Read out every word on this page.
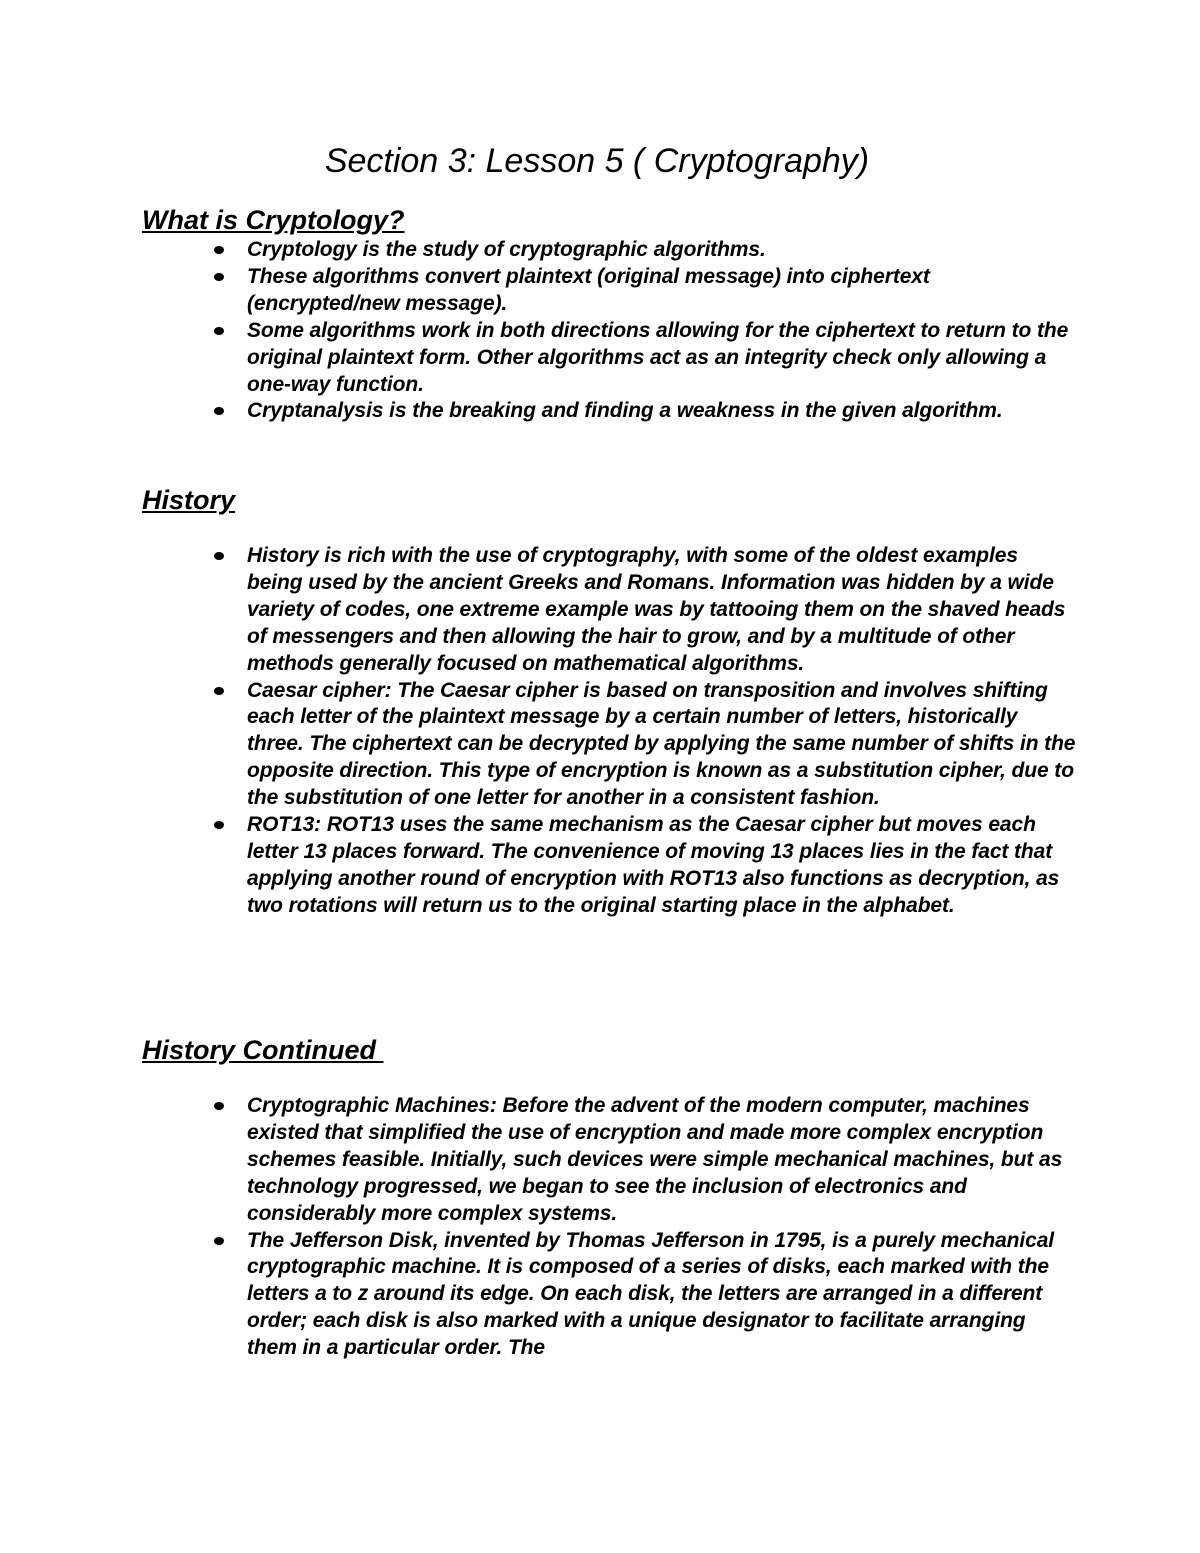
Section 3: Lesson 5 ( Cryptography)
What is Cryptology?
Cryptology is the study of cryptographic algorithms.
These algorithms convert plaintext (original message) into ciphertext (encrypted/new message).
Some algorithms work in both directions allowing for the ciphertext to return to the original plaintext form. Other algorithms act as an integrity check only allowing a one-way function.
Cryptanalysis is the breaking and finding a weakness in the given algorithm.
History
History is rich with the use of cryptography, with some of the oldest examples being used by the ancient Greeks and Romans. Information was hidden by a wide variety of codes, one extreme example was by tattooing them on the shaved heads of messengers and then allowing the hair to grow, and by a multitude of other methods generally focused on mathematical algorithms.
Caesar cipher: The Caesar cipher is based on transposition and involves shifting each letter of the plaintext message by a certain number of letters, historically three. The ciphertext can be decrypted by applying the same number of shifts in the opposite direction. This type of encryption is known as a substitution cipher, due to the substitution of one letter for another in a consistent fashion.
ROT13: ROT13 uses the same mechanism as the Caesar cipher but moves each letter 13 places forward. The convenience of moving 13 places lies in the fact that applying another round of encryption with ROT13 also functions as decryption, as two rotations will return us to the original starting place in the alphabet.
History Continued
Cryptographic Machines: Before the advent of the modern computer, machines existed that simplified the use of encryption and made more complex encryption schemes feasible. Initially, such devices were simple mechanical machines, but as technology progressed, we began to see the inclusion of electronics and considerably more complex systems.
The Jefferson Disk, invented by Thomas Jefferson in 1795, is a purely mechanical cryptographic machine. It is composed of a series of disks, each marked with the letters a to z around its edge. On each disk, the letters are arranged in a different order; each disk is also marked with a unique designator to facilitate arranging them in a particular order. The
